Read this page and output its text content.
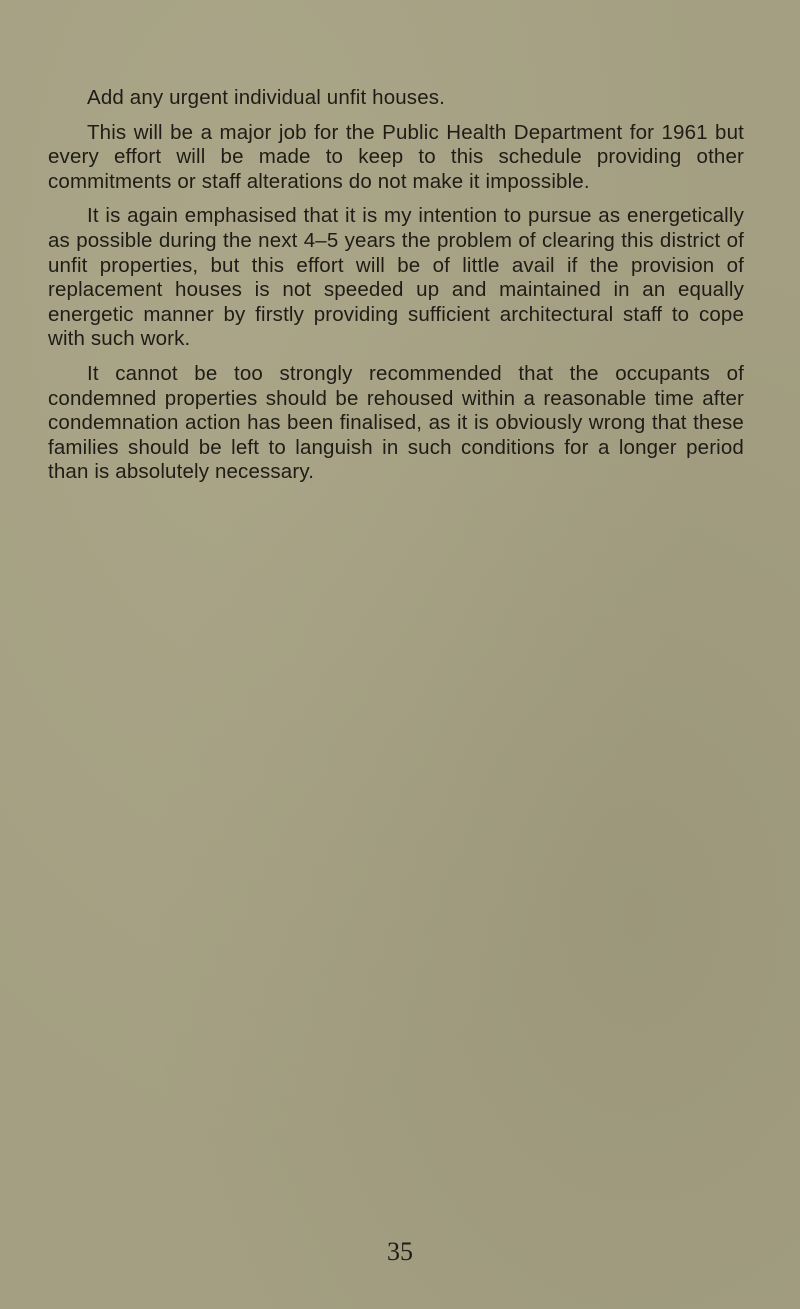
Add any urgent individual unfit houses.

This will be a major job for the Public Health Department for 1961 but every effort will be made to keep to this schedule providing other commitments or staff alterations do not make it impossible.

It is again emphasised that it is my intention to pursue as energetically as possible during the next 4–5 years the problem of clearing this district of unfit properties, but this effort will be of little avail if the provision of replacement houses is not speeded up and maintained in an equally energetic manner by firstly providing sufficient architectural staff to cope with such work.

It cannot be too strongly recommended that the occupants of condemned properties should be rehoused within a reasonable time after condemnation action has been finalised, as it is obviously wrong that these families should be left to languish in such conditions for a longer period than is absolutely necessary.

35
